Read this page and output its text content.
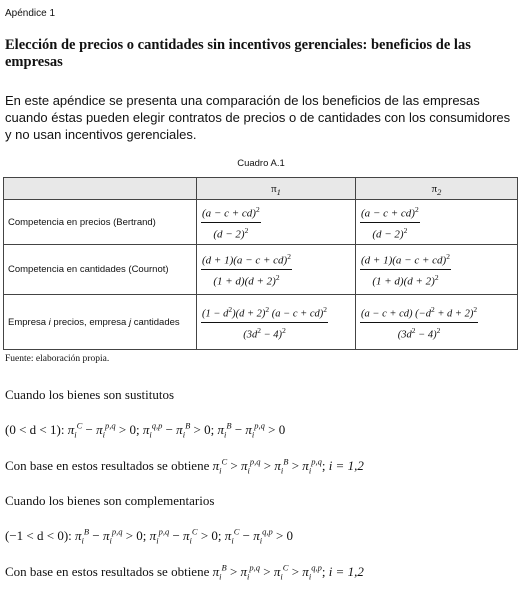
Apéndice 1
Elección de precios o cantidades sin incentivos gerenciales: beneficios de las empresas
En este apéndice se presenta una comparación de los beneficios de las empresas cuando éstas pueden elegir contratos de precios o de cantidades con los consumidores y no usan incentivos gerenciales.
Cuadro A.1
	$\pi_1$	$\pi_2$
Competencia en precios (Bertrand)	$\frac{(a - c + cd)^2}{(d - 2)^2}$	$\frac{(a - c + cd)^2}{(d - 2)^2}$

Competencia en cantidades (Cournot)	$\frac{(d + 1)(a - c + cd)^2}{(1 + d)(d + 2)^2}$	$\frac{(d + 1)(a - c + cd)^2}{(1 + d)(d + 2)^2}$

Empresa i precios, empresa j cantidades	$\frac{(1 - d^2)(d + 2)^2 (a - c + cd)^2}{(3d^2 - 4)^2}$	$\frac{(a - c + cd) (-d^2 + d + 2)^2}{(3d^2 - 4)^2}$
Fuente: elaboración propia.
Cuando los bienes son sustitutos
(0 < d < 1): $\pi_i^C - \pi_i^{p,q} > 0$; $\pi_i^{q,p} - \pi_i^B > 0$; $\pi_i^B - \pi_i^{p,q} > 0$
Con base en estos resultados se obtiene $\pi_i^C > \pi_i^{p,q} > \pi_i^B > \pi_i^{p,q}$; i = 1,2
Cuando los bienes son complementarios
(−1 < d < 0): $\pi_i^B - \pi_i^{p,q} > 0$; $\pi_i^{p,q} - \pi_i^C > 0$; $\pi_i^C - \pi_i^{q,p} > 0$
Con base en estos resultados se obtiene $\pi_i^B > \pi_i^{p,q} > \pi_i^C > \pi_i^{q,p}$; i = 1,2
